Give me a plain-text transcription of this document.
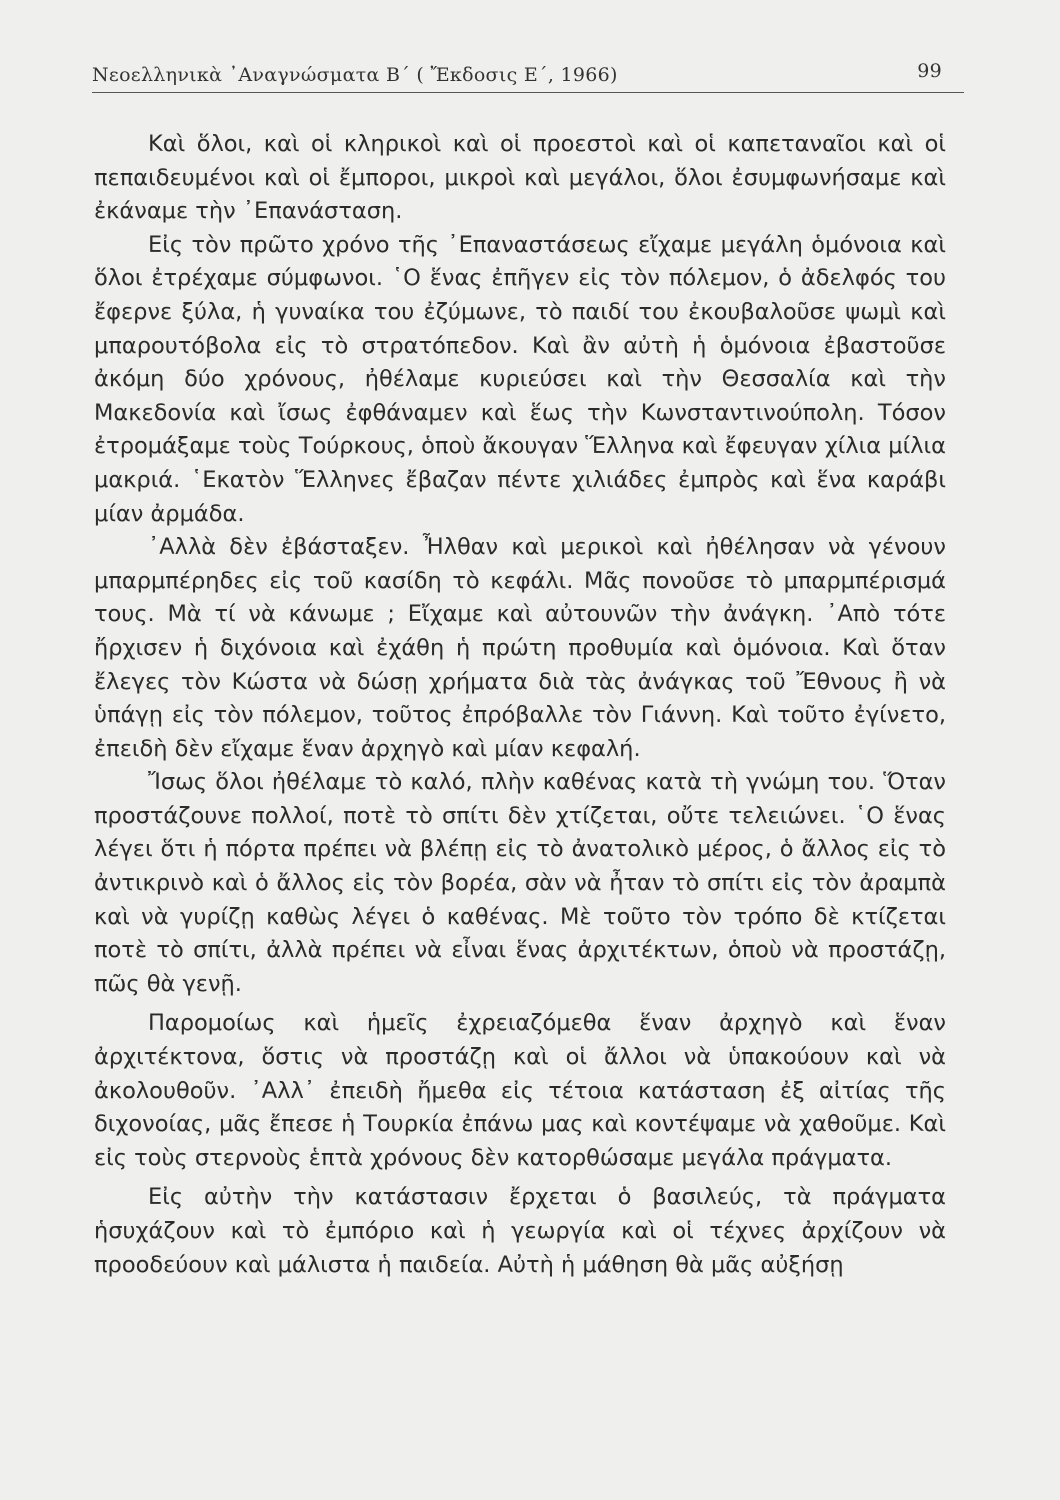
Νεοελληνικὰ ᾿Αναγνώσματα Β΄ ( Ἔκδοσις Ε΄, 1966)	99

Καὶ ὅλοι, καὶ οἱ κληρικοὶ καὶ οἱ προεστοὶ καὶ οἱ καπεταναῖοι καὶ οἱ πεπαιδευμένοι καὶ οἱ ἔμποροι, μικροὶ καὶ μεγάλοι, ὅλοι ἐσυμφωνήσαμε καὶ ἐκάναμε τὴν ᾿Επανάσταση.

Εἰς τὸν πρῶτο χρόνο τῆς ᾿Επαναστάσεως εἴχαμε μεγάλη ὁμόνοια καὶ ὅλοι ἐτρέχαμε σύμφωνοι. ῾Ο ἕνας ἐπῆγεν εἰς τὸν πόλεμον, ὁ ἀδελφός του ἔφερνε ξύλα, ἡ γυναίκα του ἐζύμωνε, τὸ παιδί του ἐκουβαλοῦσε ψωμὶ καὶ μπαρουτόβολα εἰς τὸ στρατόπεδον. Καὶ ἂν αὐτὴ ἡ ὁμόνοια ἐβαστοῦσε ἀκόμη δύο χρόνους, ἠθέλαμε κυριεύσει καὶ τὴν Θεσσαλία καὶ τὴν Μακεδονία καὶ ἴσως ἐφθάναμεν καὶ ἕως τὴν Κωνσταντινούπολη. Τόσον ἐτρομάξαμε τοὺς Τούρκους, ὁποὺ ἄκουγαν Ἕλληνα καὶ ἔφευγαν χίλια μίλια μακριά. ῾Εκατὸν Ἕλληνες ἔβαζαν πέντε χιλιάδες ἐμπρὸς καὶ ἕνα καράβι μίαν ἀρμάδα.

᾿Αλλὰ δὲν ἐβάσταξεν. Ἦλθαν καὶ μερικοὶ καὶ ἠθέλησαν νὰ γένουν μπαρμπέρηδες εἰς τοῦ κασίδη τὸ κεφάλι. Μᾶς πονοῦσε τὸ μπαρμπέρισμά τους. Μὰ τί νὰ κάνωμε ; Εἴχαμε καὶ αὐτουνῶν τὴν ἀνάγκη. ᾿Απὸ τότε ἤρχισεν ἡ διχόνοια καὶ ἐχάθη ἡ πρώτη προθυμία καὶ ὁμόνοια. Καὶ ὅταν ἔλεγες τὸν Κώστα νὰ δώσῃ χρήματα διὰ τὰς ἀνάγκας τοῦ Ἔθνους ἢ νὰ ὑπάγῃ εἰς τὸν πόλεμον, τοῦτος ἐπρόβαλλε τὸν Γιάννη. Καὶ τοῦτο ἐγίνετο, ἐπειδὴ δὲν εἴχαμε ἕναν ἀρχηγὸ καὶ μίαν κεφαλή.

Ἴσως ὅλοι ἠθέλαμε τὸ καλό, πλὴν καθένας κατὰ τὴ γνώμη του. Ὅταν προστάζουνε πολλοί, ποτὲ τὸ σπίτι δὲν χτίζεται, οὔτε τελειώνει. ῾Ο ἕνας λέγει ὅτι ἡ πόρτα πρέπει νὰ βλέπῃ εἰς τὸ ἀνατολικὸ μέρος, ὁ ἄλλος εἰς τὸ ἀντικρινὸ καὶ ὁ ἄλλος εἰς τὸν βορέα, σὰν νὰ ἦταν τὸ σπίτι εἰς τὸν ἀραμπὰ καὶ νὰ γυρίζῃ καθὼς λέγει ὁ καθένας. Μὲ τοῦτο τὸν τρόπο δὲ κτίζεται ποτὲ τὸ σπίτι, ἀλλὰ πρέπει νὰ εἶναι ἕνας ἀρχιτέκτων, ὁποὺ νὰ προστάζῃ, πῶς θὰ γενῇ.

Παρομοίως καὶ ἡμεῖς ἐχρειαζόμεθα ἕναν ἀρχηγὸ καὶ ἕναν ἀρχιτέκτονα, ὅστις νὰ προστάζῃ καὶ οἱ ἄλλοι νὰ ὑπακούουν καὶ νὰ ἀκολουθοῦν. ᾿Αλλ᾿ ἐπειδὴ ἤμεθα εἰς τέτοια κατάσταση ἐξ αἰτίας τῆς διχονοίας, μᾶς ἔπεσε ἡ Τουρκία ἐπάνω μας καὶ κοντέψαμε νὰ χαθοῦμε. Καὶ εἰς τοὺς στερνοὺς ἑπτὰ χρόνους δὲν κατορθώσαμε μεγάλα πράγματα.

Εἰς αὐτὴν τὴν κατάστασιν ἔρχεται ὁ βασιλεύς, τὰ πράγματα ἡσυχάζουν καὶ τὸ ἐμπόριο καὶ ἡ γεωργία καὶ οἱ τέχνες ἀρχίζουν νὰ προοδεύουν καὶ μάλιστα ἡ παιδεία. Αὐτὴ ἡ μάθηση θὰ μᾶς αὐξήσῃ
